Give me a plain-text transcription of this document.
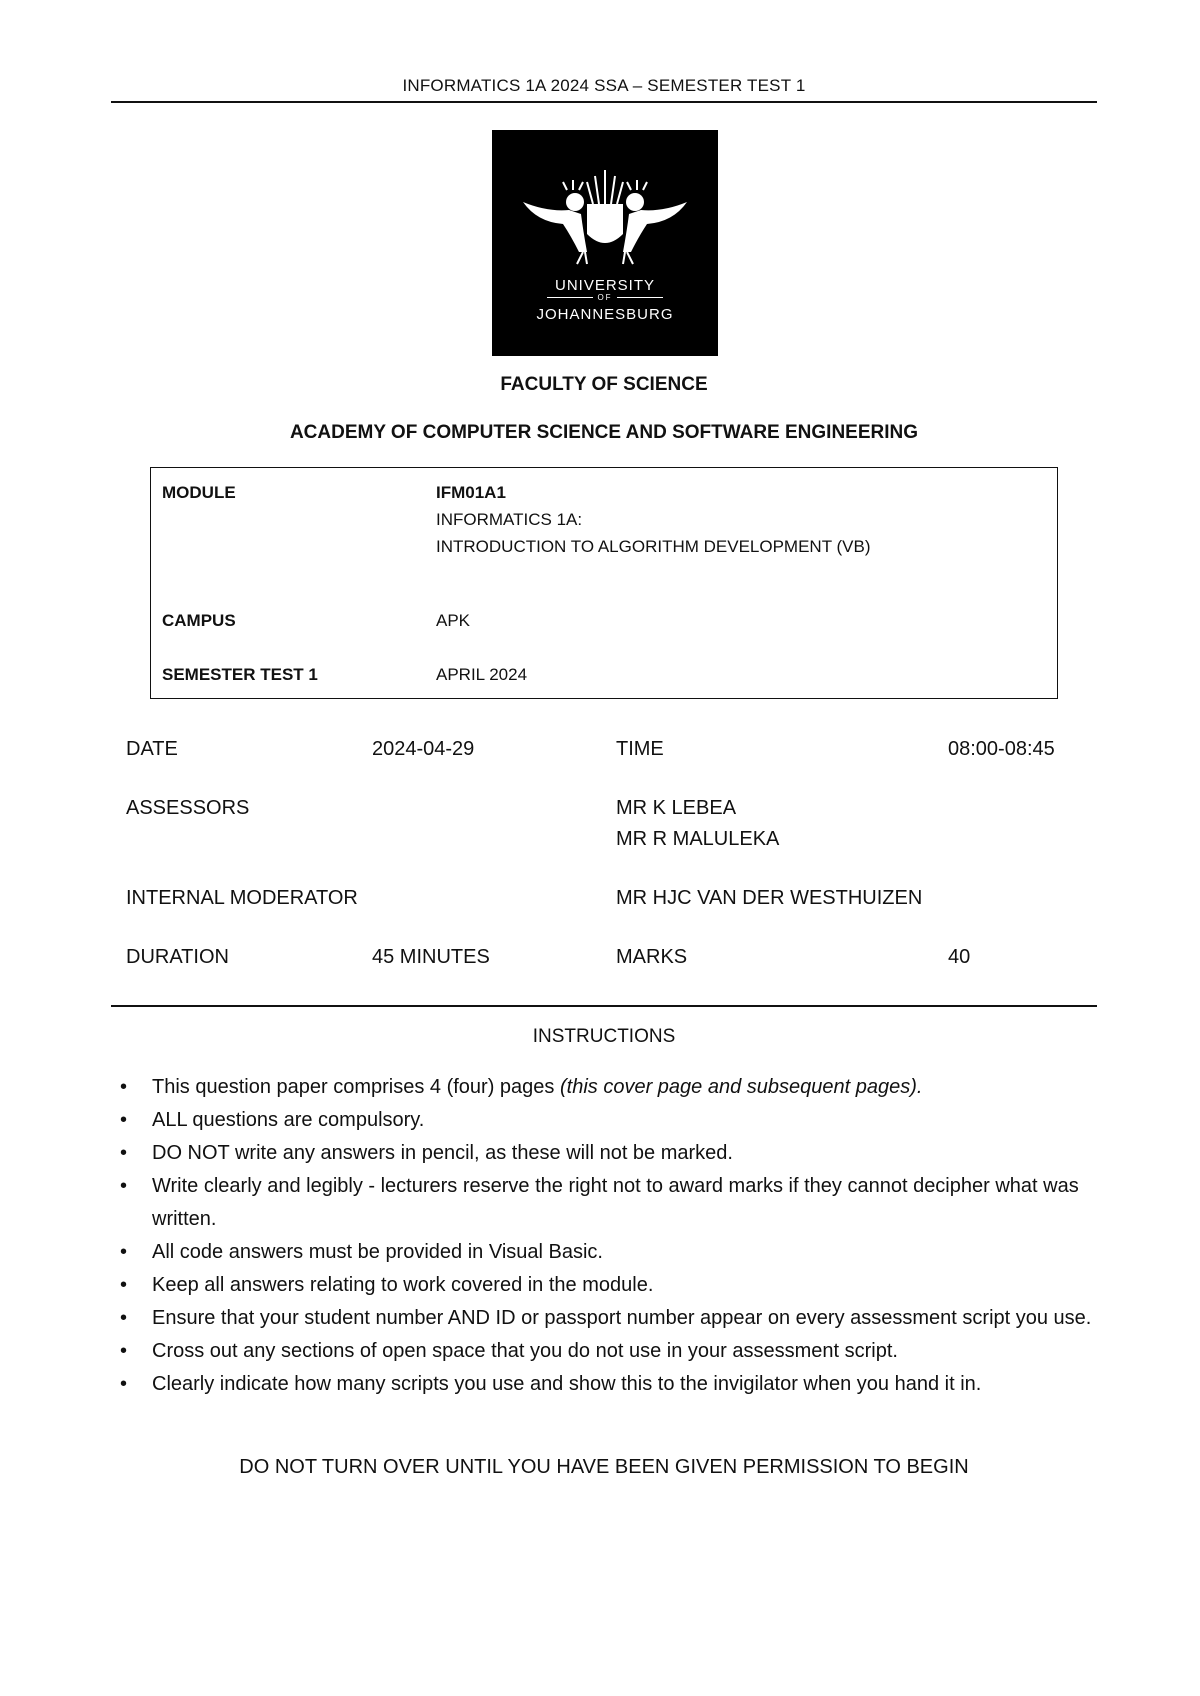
INFORMATICS 1A 2024 SSA – SEMESTER TEST 1
UNIVERSITY
OF
JOHANNESBURG
FACULTY OF SCIENCE
ACADEMY OF COMPUTER SCIENCE AND SOFTWARE ENGINEERING
MODULE	IFM01A1
INFORMATICS 1A:
INTRODUCTION TO ALGORITHM DEVELOPMENT (VB)
CAMPUS	APK
SEMESTER TEST 1	APRIL 2024
DATE	2024-04-29	TIME	08:00-08:45
ASSESSORS	MR K LEBEA
MR R MALULEKA
INTERNAL MODERATOR	MR HJC VAN DER WESTHUIZEN
DURATION	45 MINUTES	MARKS	40
INSTRUCTIONS
• This question paper comprises 4 (four) pages (this cover page and subsequent pages).
• ALL questions are compulsory.
• DO NOT write any answers in pencil, as these will not be marked.
• Write clearly and legibly - lecturers reserve the right not to award marks if they cannot decipher what was written.
• All code answers must be provided in Visual Basic.
• Keep all answers relating to work covered in the module.
• Ensure that your student number AND ID or passport number appear on every assessment script you use.
• Cross out any sections of open space that you do not use in your assessment script.
• Clearly indicate how many scripts you use and show this to the invigilator when you hand it in.
DO NOT TURN OVER UNTIL YOU HAVE BEEN GIVEN PERMISSION TO BEGIN
